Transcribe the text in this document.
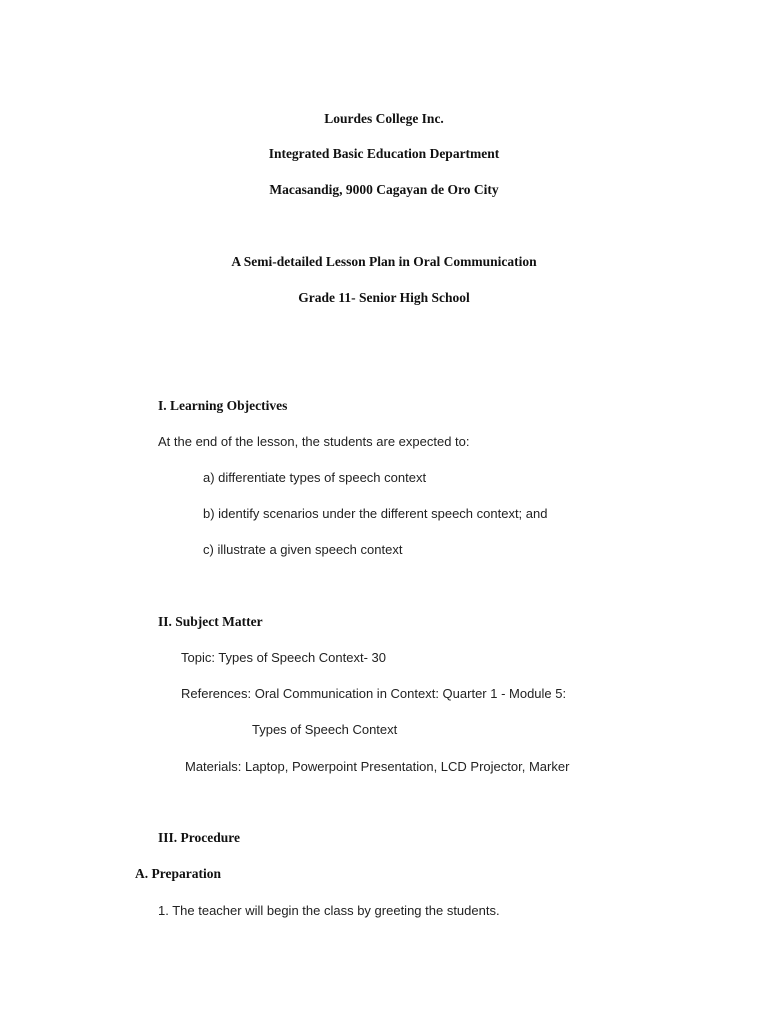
Lourdes College Inc.
Integrated Basic Education Department
Macasandig, 9000 Cagayan de Oro City
A Semi-detailed Lesson Plan in Oral Communication
Grade 11- Senior High School
I. Learning Objectives
At the end of the lesson, the students are expected to:
a) differentiate types of speech context
b) identify scenarios under the different speech context; and
c) illustrate a given speech context
II. Subject Matter
Topic: Types of Speech Context- 30
References: Oral Communication in Context: Quarter 1 - Module 5:
Types of Speech Context
Materials: Laptop, Powerpoint Presentation, LCD Projector, Marker
III. Procedure
A. Preparation
1. The teacher will begin the class by greeting the students.
